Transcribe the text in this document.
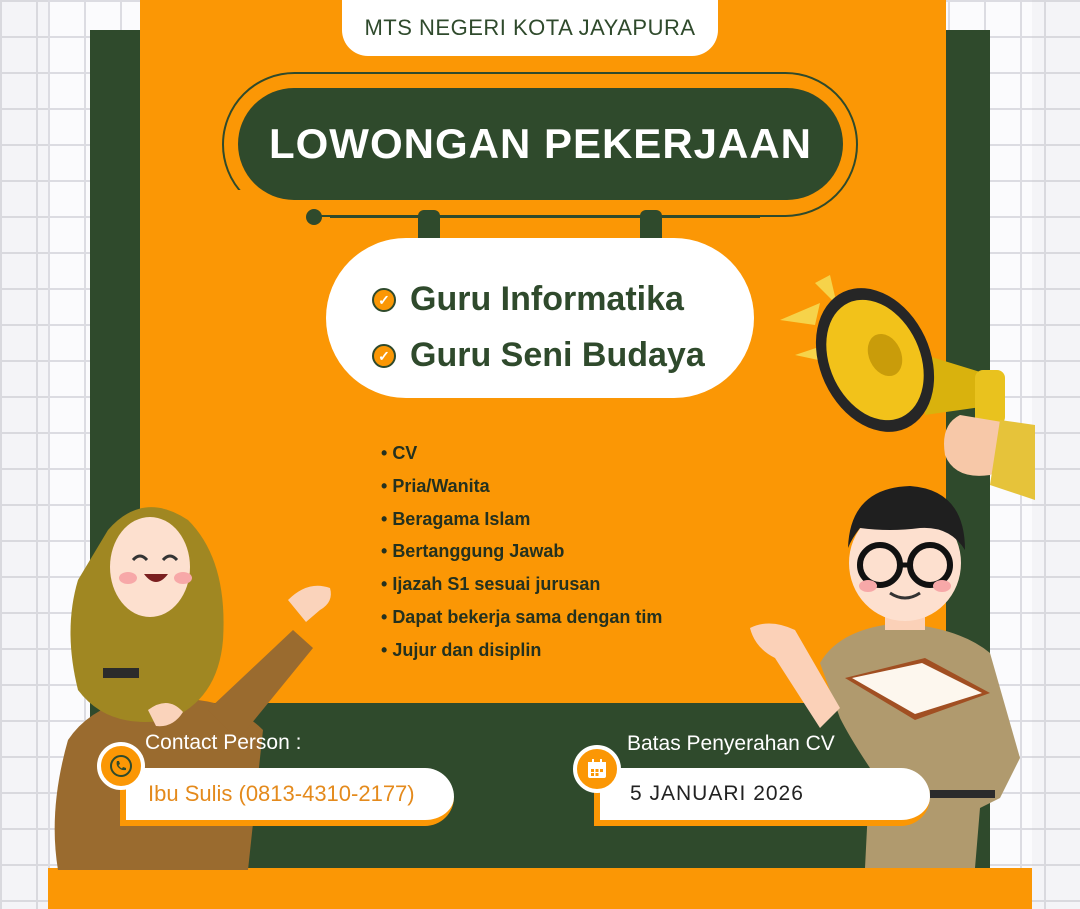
MTS NEGERI KOTA JAYAPURA
LOWONGAN PEKERJAAN
✓ Guru Informatika
✓ Guru Seni Budaya
• CV
• Pria/Wanita
• Beragama Islam
• Bertanggung Jawab
• Ijazah S1 sesuai jurusan
• Dapat bekerja sama dengan tim
• Jujur dan disiplin
Contact Person :
Ibu Sulis (0813-4310-2177)
Batas Penyerahan CV
5 JANUARI 2026
